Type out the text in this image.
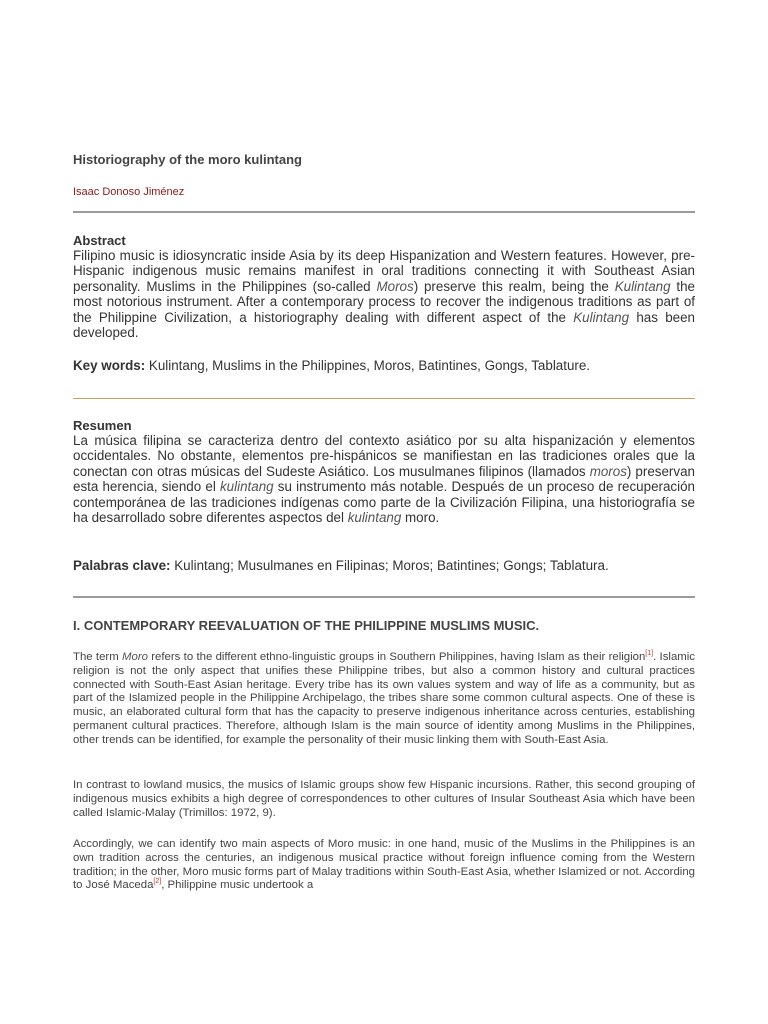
Historiography of the moro kulintang
Isaac Donoso Jiménez
Abstract

Filipino music is idiosyncratic inside Asia by its deep Hispanization and Western features. However, pre-Hispanic indigenous music remains manifest in oral traditions connecting it with Southeast Asian personality. Muslims in the Philippines (so-called Moros) preserve this realm, being the Kulintang the most notorious instrument. After a contemporary process to recover the indigenous traditions as part of the Philippine Civilization, a historiography dealing with different aspect of the Kulintang has been developed.

Key words: Kulintang, Muslims in the Philippines, Moros, Batintines, Gongs, Tablature.
Resumen

La música filipina se caracteriza dentro del contexto asiático por su alta hispanización y elementos occidentales. No obstante, elementos pre-hispánicos se manifiestan en las tradiciones orales que la conectan con otras músicas del Sudeste Asiático. Los musulmanes filipinos (llamados moros) preservan esta herencia, siendo el kulintang su instrumento más notable. Después de un proceso de recuperación contemporánea de las tradiciones indígenas como parte de la Civilización Filipina, una historiografía se ha desarrollado sobre diferentes aspectos del kulintang moro.

Palabras clave: Kulintang; Musulmanes en Filipinas; Moros; Batintines; Gongs; Tablatura.
I. CONTEMPORARY REEVALUATION OF THE PHILIPPINE MUSLIMS MUSIC.

The term Moro refers to the different ethno-linguistic groups in Southern Philippines, having Islam as their religion[1]. Islamic religion is not the only aspect that unifies these Philippine tribes, but also a common history and cultural practices connected with South-East Asian heritage. Every tribe has its own values system and way of life as a community, but as part of the Islamized people in the Philippine Archipelago, the tribes share some common cultural aspects. One of these is music, an elaborated cultural form that has the capacity to preserve indigenous inheritance across centuries, establishing permanent cultural practices. Therefore, although Islam is the main source of identity among Muslims in the Philippines, other trends can be identified, for example the personality of their music linking them with South-East Asia.

In contrast to lowland musics, the musics of Islamic groups show few Hispanic incursions. Rather, this second grouping of indigenous musics exhibits a high degree of correspondences to other cultures of Insular Southeast Asia which have been called Islamic-Malay (Trimillos: 1972, 9).

Accordingly, we can identify two main aspects of Moro music: in one hand, music of the Muslims in the Philippines is an own tradition across the centuries, an indigenous musical practice without foreign influence coming from the Western tradition; in the other, Moro music forms part of Malay traditions within South-East Asia, whether Islamized or not. According to José Maceda[2], Philippine music undertook a
